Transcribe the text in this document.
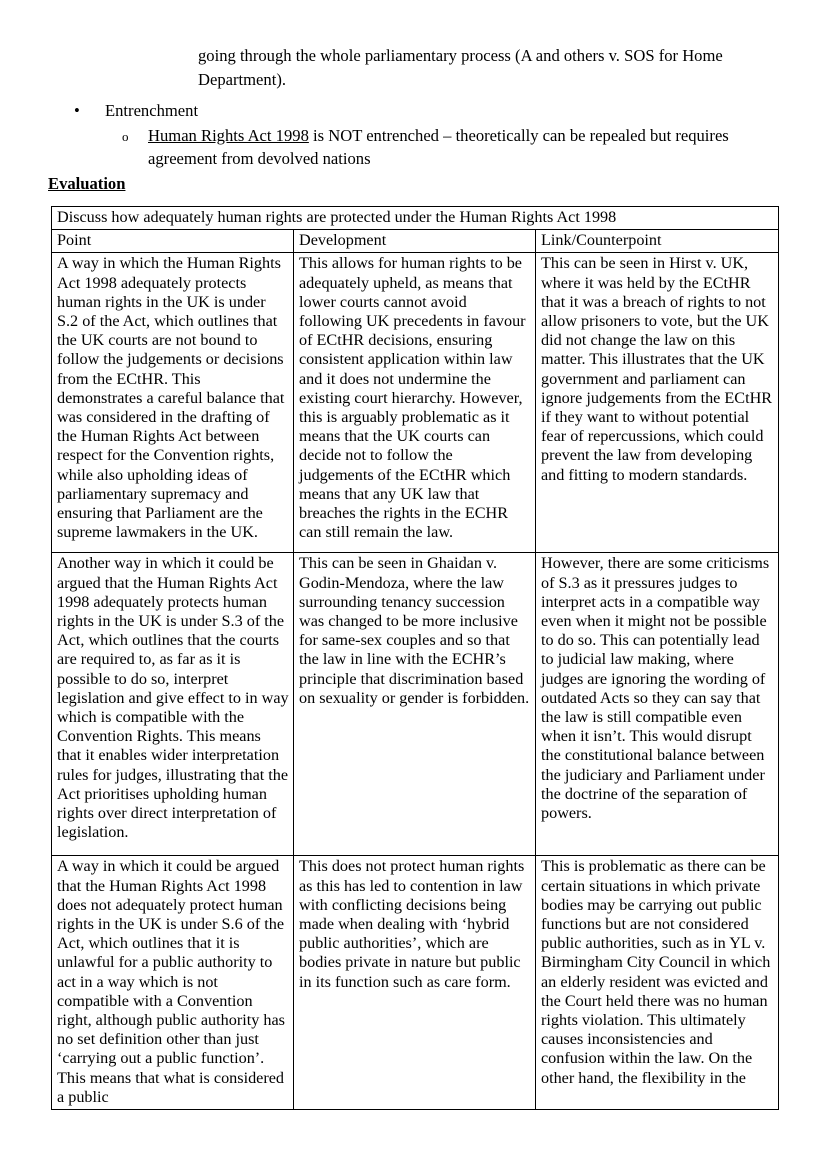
going through the whole parliamentary process (A and others v. SOS for Home Department).
• Entrenchment
o Human Rights Act 1998 is NOT entrenched – theoretically can be repealed but requires agreement from devolved nations
Evaluation
Discuss how adequately human rights are protected under the Human Rights Act 1998		
Point	Development	Link/Counterpoint
A way in which the Human Rights Act 1998 adequately protects human rights in the UK is under S.2 of the Act, which outlines that the UK courts are not bound to follow the judgements or decisions from the ECtHR. This demonstrates a careful balance that was considered in the drafting of the Human Rights Act between respect for the Convention rights, while also upholding ideas of parliamentary supremacy and ensuring that Parliament are the supreme lawmakers in the UK.	This allows for human rights to be adequately upheld, as means that lower courts cannot avoid following UK precedents in favour of ECtHR decisions, ensuring consistent application within law and it does not undermine the existing court hierarchy. However, this is arguably problematic as it means that the UK courts can decide not to follow the judgements of the ECtHR which means that any UK law that breaches the rights in the ECHR can still remain the law.	This can be seen in Hirst v. UK, where it was held by the ECtHR that it was a breach of rights to not allow prisoners to vote, but the UK did not change the law on this matter. This illustrates that the UK government and parliament can ignore judgements from the ECtHR if they want to without potential fear of repercussions, which could prevent the law from developing and fitting to modern standards.
Another way in which it could be argued that the Human Rights Act 1998 adequately protects human rights in the UK is under S.3 of the Act, which outlines that the courts are required to, as far as it is possible to do so, interpret legislation and give effect to in way which is compatible with the Convention Rights. This means that it enables wider interpretation rules for judges, illustrating that the Act prioritises upholding human rights over direct interpretation of legislation.	This can be seen in Ghaidan v. Godin-Mendoza, where the law surrounding tenancy succession was changed to be more inclusive for same-sex couples and so that the law in line with the ECHR’s principle that discrimination based on sexuality or gender is forbidden.	However, there are some criticisms of S.3 as it pressures judges to interpret acts in a compatible way even when it might not be possible to do so. This can potentially lead to judicial law making, where judges are ignoring the wording of outdated Acts so they can say that the law is still compatible even when it isn’t. This would disrupt the constitutional balance between the judiciary and Parliament under the doctrine of the separation of powers.
A way in which it could be argued that the Human Rights Act 1998 does not adequately protect human rights in the UK is under S.6 of the Act, which outlines that it is unlawful for a public authority to act in a way which is not compatible with a Convention right, although public authority has no set definition other than just ‘carrying out a public function’. This means that what is considered a public	This does not protect human rights as this has led to contention in law with conflicting decisions being made when dealing with ‘hybrid public authorities’, which are bodies private in nature but public in its function such as care form.	This is problematic as there can be certain situations in which private bodies may be carrying out public functions but are not considered public authorities, such as in YL v. Birmingham City Council in which an elderly resident was evicted and the Court held there was no human rights violation. This ultimately causes inconsistencies and confusion within the law. On the other hand, the flexibility in the
